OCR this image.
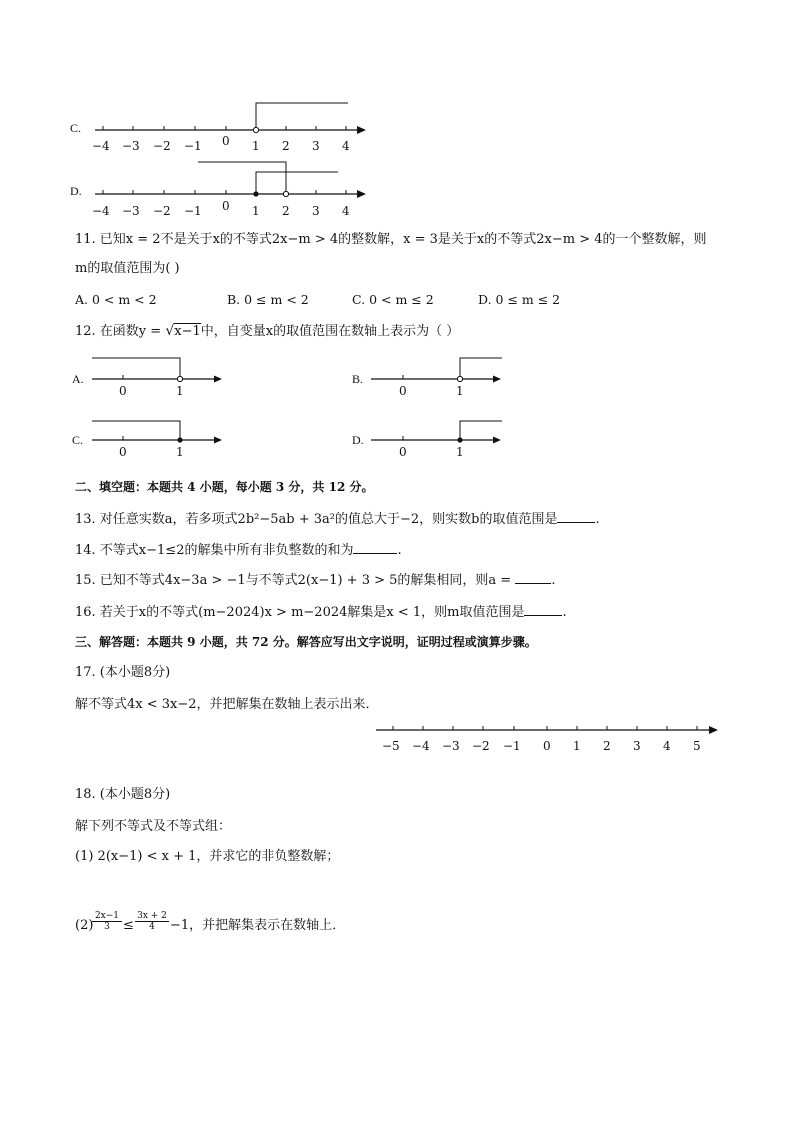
C.
D.
−4 −3 −2 −1 0 1 2 3 4
−4 −3 −2 −1 0 1 2 3 4
0	1	0	1
0	1	0	1
−5 −4 −3 −2 −1 0 1 2 3 4 5
11. 已知x = 2不是关于x的不等式2x−m > 4的整数解，x = 3是关于x的不等式2x−m > 4的一个整数解，则
m的取值范围为( )
A. 0 < m < 2	B. 0 ≤ m < 2	C. 0 < m ≤ 2	D. 0 ≤ m ≤ 2
12. 在函数y = √x−1中，自变量x的取值范围在数轴上表示为（ ）
A.	B.
C.	D.
二、填空题：本题共 4 小题，每小题 3 分，共 12 分。
13. 对任意实数a，若多项式2b²−5ab + 3a²的值总大于−2，则实数b的取值范围是	.
14. 不等式x−1≤2的解集中所有非负整数的和为	.
15. 已知不等式4x−3a > −1与不等式2(x−1) + 3 > 5的解集相同，则a =	.
16. 若关于x的不等式(m−2024)x > m−2024解集是x < 1，则m取值范围是	.
三、解答题：本题共 9 小题，共 72 分。解答应写出文字说明，证明过程或演算步骤。
17. (本小题8分)
解不等式4x < 3x−2，并把解集在数轴上表示出来．
18. (本小题8分)
解下列不等式及不等式组：
(1) 2(x−1) < x + 1，并求它的非负整数解；
(2)
$\frac{2x-1}{3} \le \frac{3x + 2}{4} -1$，并把解集表示在数轴上．
